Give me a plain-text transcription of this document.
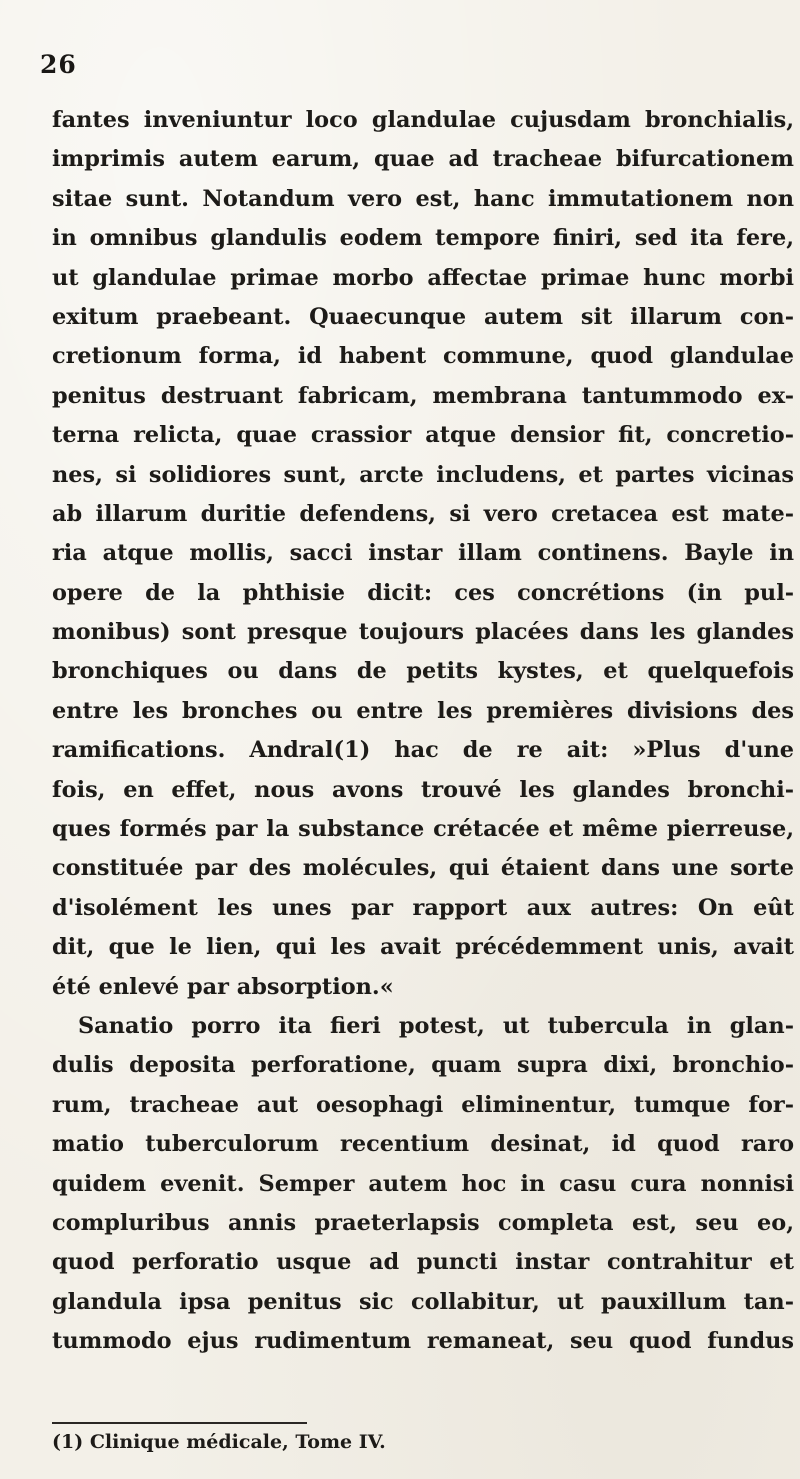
26
fantes inveniuntur loco glandulae cujusdam bronchialis,
imprimis autem earum, quae ad tracheae bifurcationem
sitae sunt. Notandum vero est, hanc immutationem non
in omnibus glandulis eodem tempore finiri, sed ita fere,
ut glandulae primae morbo affectae primae hunc morbi
exitum praebeant. Quaecunque autem sit illarum con-
cretionum forma, id habent commune, quod glandulae
penitus destruant fabricam, membrana tantummodo ex-
terna relicta, quae crassior atque densior fit, concretio-
nes, si solidiores sunt, arcte includens, et partes vicinas
ab illarum duritie defendens, si vero cretacea est mate-
ria atque mollis, sacci instar illam continens. Bayle in
opere de la phthisie dicit: ces concrétions (in pul-
monibus) sont presque toujours placées dans les glandes
bronchiques ou dans de petits kystes, et quelquefois
entre les bronches ou entre les premières divisions des
ramifications. Andral(1) hac de re ait: »Plus d'une
fois, en effet, nous avons trouvé les glandes bronchi-
ques formés par la substance crétacée et même pierreuse,
constituée par des molécules, qui étaient dans une sorte
d'isolément les unes par rapport aux autres: On eût
dit, que le lien, qui les avait précédemment unis, avait
été enlevé par absorption.«
Sanatio porro ita fieri potest, ut tubercula in glan-
dulis deposita perforatione, quam supra dixi, bronchio-
rum, tracheae aut oesophagi eliminentur, tumque for-
matio tuberculorum recentium desinat, id quod raro
quidem evenit. Semper autem hoc in casu cura nonnisi
compluribus annis praeterlapsis completa est, seu eo,
quod perforatio usque ad puncti instar contrahitur et
glandula ipsa penitus sic collabitur, ut pauxillum tan-
tummodo ejus rudimentum remaneat, seu quod fundus
(1) Clinique médicale, Tome IV.
